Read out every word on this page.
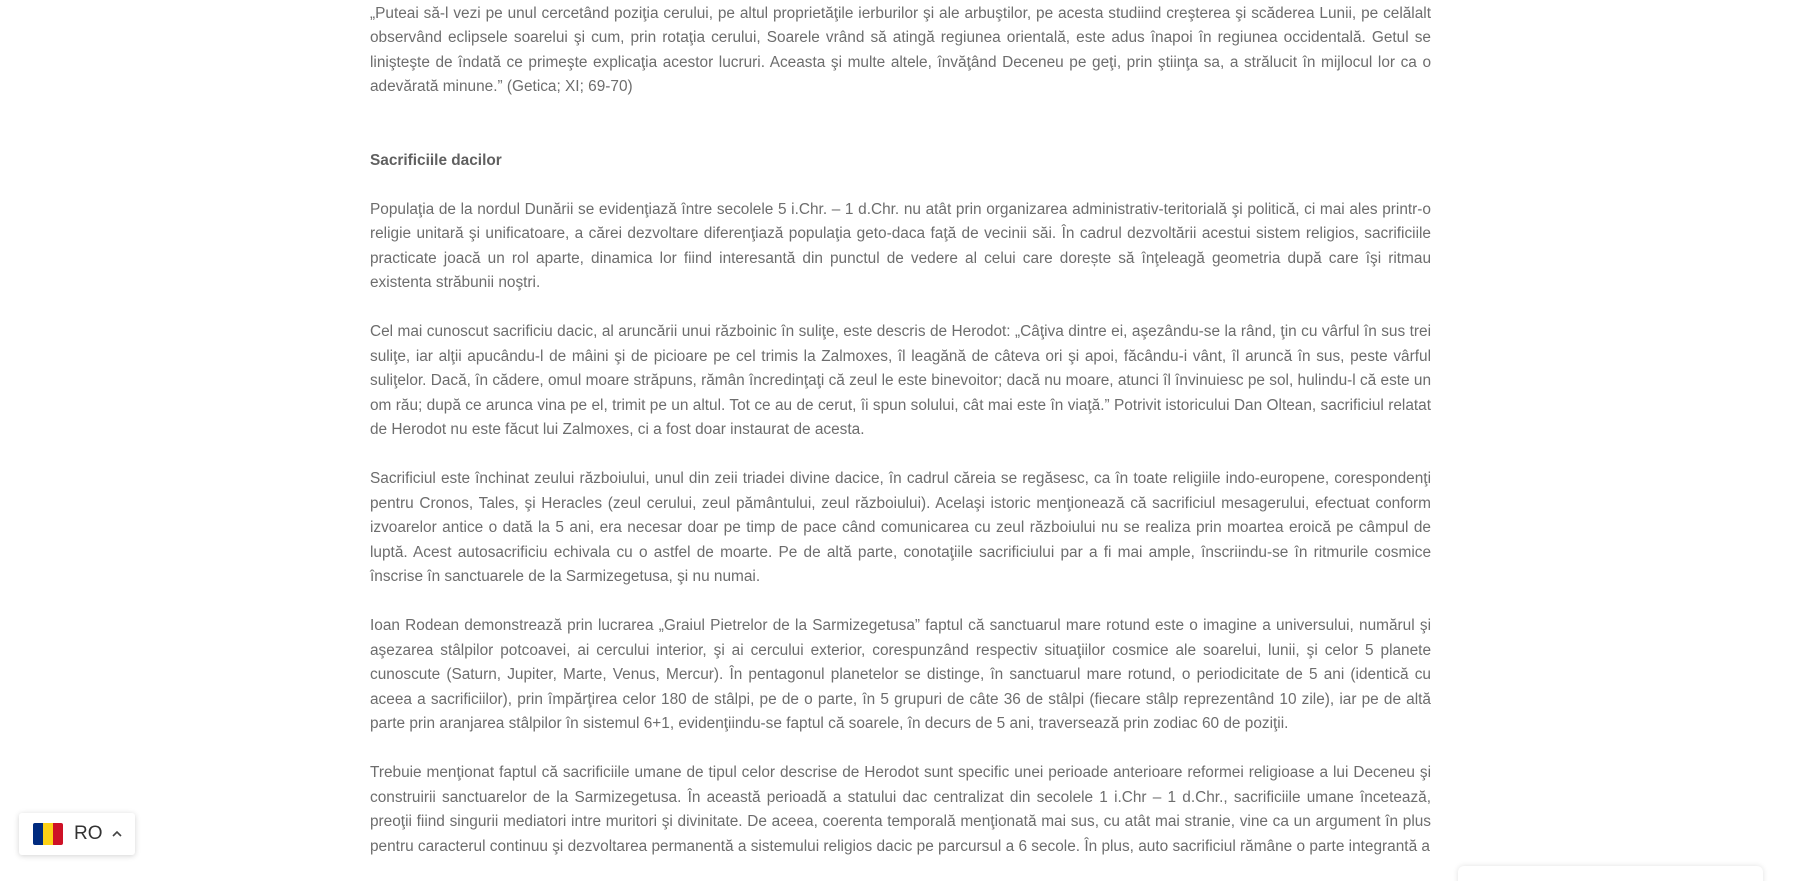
„Puteai să-l vezi pe unul cercetând poziţia cerului, pe altul proprietăţile ierburilor şi ale arbuştilor, pe acesta studiind creşterea şi scăderea Lunii, pe celălalt observând eclipsele soarelui şi cum, prin rotaţia cerului, Soarele vrând să atingă regiunea orientală, este adus înapoi în regiunea occidentală. Getul se linişteşte de îndată ce primeşte explicaţia acestor lucruri. Aceasta şi multe altele, învăţând Deceneu pe geţi, prin ştiinţa sa, a strălucit în mijlocul lor ca o adevărată minune.” (Getica; XI; 69-70)

Sacrificiile dacilor

Populaţia de la nordul Dunării se evidenţiază între secolele 5 i.Chr. – 1 d.Chr. nu atât prin organizarea administrativ-teritorială şi politică, ci mai ales printr-o religie unitară şi unificatoare, a cărei dezvoltare diferenţiază populaţia geto-daca faţă de vecinii săi. În cadrul dezvoltării acestui sistem religios, sacrificiile practicate joacă un rol aparte, dinamica lor fiind interesantă din punctul de vedere al celui care dorește să înţeleagă geometria după care îşi ritmau existenta străbunii noştri.

Cel mai cunoscut sacrificiu dacic, al aruncării unui războinic în suliţe, este descris de Herodot: „Câţiva dintre ei, aşezându-se la rând, ţin cu vârful în sus trei suliţe, iar alţii apucându-l de mâini şi de picioare pe cel trimis la Zalmoxes, îl leagănă de câteva ori şi apoi, făcându-i vânt, îl aruncă în sus, peste vârful suliţelor. Dacă, în cădere, omul moare străpuns, rămân încredinţaţi că zeul le este binevoitor; dacă nu moare, atunci îl învinuiesc pe sol, hulindu-l că este un om rău; după ce arunca vina pe el, trimit pe un altul. Tot ce au de cerut, îi spun solului, cât mai este în viaţă.” Potrivit istoricului Dan Oltean, sacrificiul relatat de Herodot nu este făcut lui Zalmoxes, ci a fost doar instaurat de acesta.

Sacrificiul este închinat zeului războiului, unul din zeii triadei divine dacice, în cadrul căreia se regăsesc, ca în toate religiile indo-europene, corespondenţi pentru Cronos, Tales, şi Heracles (zeul cerului, zeul pământului, zeul războiului). Acelaşi istoric menţionează că sacrificiul mesagerului, efectuat conform izvoarelor antice o dată la 5 ani, era necesar doar pe timp de pace când comunicarea cu zeul războiului nu se realiza prin moartea eroică pe câmpul de luptă. Acest autosacrificiu echivala cu o astfel de moarte. Pe de altă parte, conotaţiile sacrificiului par a fi mai ample, înscriindu-se în ritmurile cosmice înscrise în sanctuarele de la Sarmizegetusa, şi nu numai.

Ioan Rodean demonstrează prin lucrarea „Graiul Pietrelor de la Sarmizegetusa” faptul că sanctuarul mare rotund este o imagine a universului, numărul şi aşezarea stâlpilor potcoavei, ai cercului interior, şi ai cercului exterior, corespunzând respectiv situaţiilor cosmice ale soarelui, lunii, şi celor 5 planete cunoscute (Saturn, Jupiter, Marte, Venus, Mercur). În pentagonul planetelor se distinge, în sanctuarul mare rotund, o periodicitate de 5 ani (identică cu aceea a sacrificiilor), prin împărţirea celor 180 de stâlpi, pe de o parte, în 5 grupuri de câte 36 de stâlpi (fiecare stâlp reprezentând 10 zile), iar pe de altă parte prin aranjarea stâlpilor în sistemul 6+1, evidenţiindu-se faptul că soarele, în decurs de 5 ani, traversează prin zodiac 60 de poziţii.

Trebuie menţionat faptul că sacrificiile umane de tipul celor descrise de Herodot sunt specific unei perioade anterioare reformei religioase a lui Deceneu şi construirii sanctuarelor de la Sarmizegetusa. În această perioadă a statului dac centralizat din secolele 1 i.Chr – 1 d.Chr., sacrificiile umane încetează, preoţii fiind singurii mediatori intre muritori şi divinitate. De aceea, coerenta temporală menţionată mai sus, cu atât mai stranie, vine ca un argument în plus pentru caracterul continuu şi dezvoltarea permanentă a sistemului religios dacic pe parcursul a 6 secole. În plus, auto sacrificiul rămâne o parte integrantă a

RO
